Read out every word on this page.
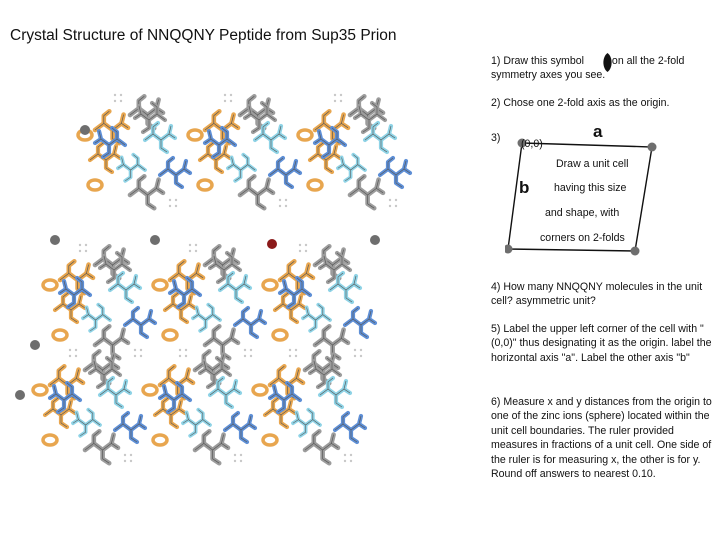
Crystal Structure of NNQQNY Peptide from Sup35 Prion
1) Draw this symbol	on all the 2-fold symmetry axes you see.
2) Chose one 2-fold axis as the origin.
3) (0,0)
a
b
Draw a unit cell
having this size
and shape, with
corners on 2-folds
4) How many NNQQNY molecules in the unit cell? asymmetric unit?
5) Label the upper left corner of the cell with "(0,0)" thus designating it as the origin. label the horizontal axis "a". Label the other axis "b"
6) Measure x and y distances from the origin to one of the zinc ions (sphere) located within the unit cell boundaries. The ruler provided measures in fractions of a unit cell. One side of the ruler is for measuring x, the other is for y. Round off answers to nearest 0.10.
